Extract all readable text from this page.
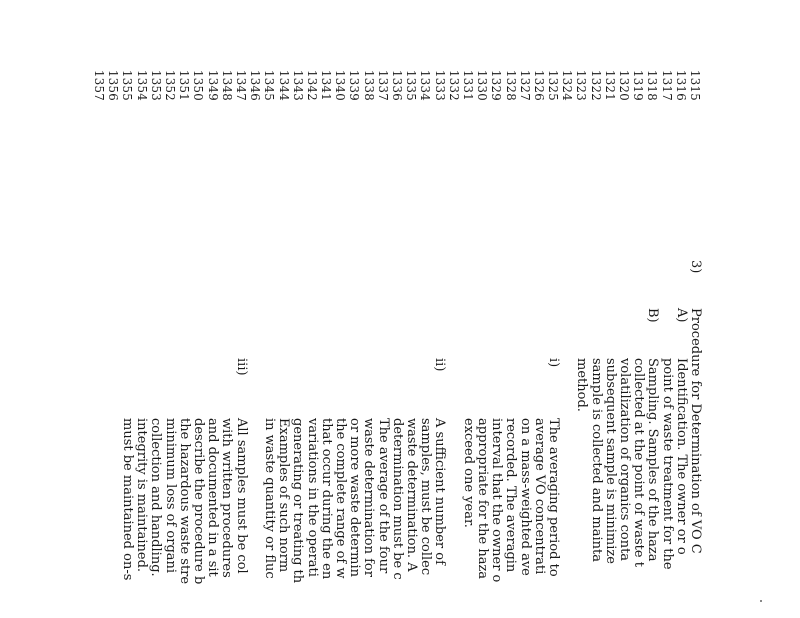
1315
1316
1317
1318
1319
1320
1321
1322
1323
1324
1325
1326
1327
1328
1329
1330
1331
1332
1333
1334
1335
1336
1337
1338
1339
1340
1341
1342
1343
1344
1345
1346
1347
1348
1349
1350
1351
1352
1353
1354
1355
1356
1357
3)
Procedure for Determination of VO C
A)
Identification. The owner or o
point of waste treatment for the
B)
Sampling. Samples of the haza
collected at the point of waste t
volatilization of organics conta
subsequent sample is minimize
sample is collected and mainta
method.
i)
The averaging period to
average VO concentrati
on a mass-weighted ave
recorded. The averagin
interval that the owner o
appropriate for the haza
exceed one year.
ii)
A sufficient number of
samples, must be collec
waste determination. A
determination must be c
The average of the four
waste determination for
or more waste determin
the complete range of w
that occur during the en
variations in the operati
generating or treating th
Examples of such norm
in waste quantity or fluc
iii)
All samples must be col
with written procedures
and documented in a sit
describe the procedure b
the hazardous waste stre
minimum loss of organi
collection and handling.
integrity is maintained.
must be maintained on-s
